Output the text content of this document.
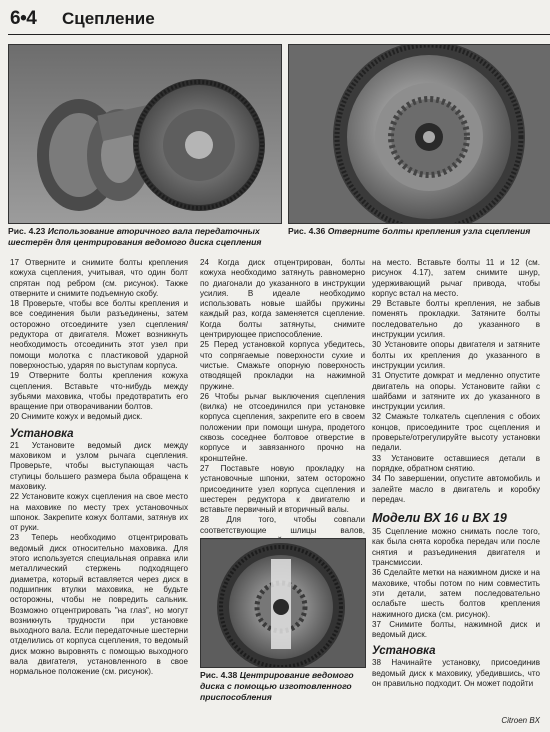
6•4 Сцепление
Рис. 4.23 Использование вторичного вала передаточных шестерён для центрирования ведомого диска сцепления
Рис. 4.36 Отверните болты крепления узла сцепления

17 Отверните и снимите болты крепления кожуха сцепления, учитывая, что один болт спрятан под ребром (см. рисунок). Также отверните и снимите подъемную скобу.

18 Проверьте, чтобы все болты крепления и все соединения были разъединены, затем осторожно отсоедините узел сцепления/редуктора от двигателя. Может возникнуть необходимость отсоединить этот узел при помощи молотка с пластиковой ударной поверхностью, ударяя по выступам корпуса.

19 Отверните болты крепления кожуха сцепления. Вставьте что-нибудь между зубьями маховика, чтобы предотвратить его вращение при отворачивании болтов.

20 Снимите кожух и ведомый диск.

Установка

21 Установите ведомый диск между маховиком и узлом рычага сцепления. Проверьте, чтобы выступающая часть ступицы большего размера была обращена к маховику.

22 Установите кожух сцепления на свое место на маховике по месту трех установочных шпонок. Закрепите кожух болтами, затянув их от руки.

23 Теперь необходимо отцентрировать ведомый диск относительно маховика. Для этого используется специальная оправка или металлический стержень подходящего диаметра, который вставляется через диск в подшипник втулки маховика, не будьте осторожны, чтобы не повредить сальник. Возможно отцентрировать "на глаз", но могут возникнуть трудности при установке выходного вала. Если передаточные шестерни отделились от корпуса сцепления, то ведомый диск можно выровнять с помощью выходного вала двигателя, установленного в свое нормальное положение (см. рисунок).

24 Когда диск отцентрирован, болты кожуха необходимо затянуть равномерно по диагонали до указанного в инструкции усилия. В идеале необходимо использовать новые шайбы пружины каждый раз, когда заменяется сцепление. Когда болты затянуты, снимите центрирующее приспособление.

25 Перед установкой корпуса убедитесь, что сопрягаемые поверхности сухие и чистые. Смажьте опорную поверхность отводящей прокладки на нажимной пружине.

26 Чтобы рычаг выключения сцепления (вилка) не отсоединился при установке корпуса сцепления, закрепите его в своем положении при помощи шнура, продетого сквозь соседнее болтовое отверстие в корпусе и завязанного прочно на кронштейне.

27 Поставьте новую прокладку на установочные шпонки, затем осторожно присоедините узел корпуса сцепления и шестерен редуктора к двигателю и вставьте первичный и вторичный валы.

28 Для того, чтобы совпали соответствующие шлицы валов,

Рис. 4.38 Центрирование ведомого диска с помощью изготовленного приспособления

на место. Вставьте болты 11 и 12 (см. рисунок 4.17), затем снимите шнур, удерживающий рычаг привода, чтобы корпус встал на место.

29 Вставьте болты крепления, не забыв поменять прокладки. Затяните болты последовательно до указанного в инструкции усилия.

30 Установите опоры двигателя и затяните болты их крепления до указанного в инструкции усилия.

31 Опустите домкрат и медленно опустите двигатель на опоры. Установите гайки с шайбами и затяните их до указанного в инструкции усилия.

32 Смажьте толкатель сцепления с обоих концов, присоедините трос сцепления и проверьте/отрегулируйте высоту установки педали.

33 Установите оставшиеся детали в порядке, обратном снятию.

34 По завершении, опустите автомобиль и залейте масло в двигатель и коробку передач.

Модели ВХ 16 и ВХ 19

35 Сцепление можно снимать после того, как была снята коробка передач или после снятия и разъединения двигателя и трансмиссии.

36 Сделайте метки на нажимном диске и на маховике, чтобы потом по ним совместить эти детали, затем последовательно ослабьте шесть болтов крепления нажимного диска (см. рисунок).

37 Снимите болты, нажимной диск и ведомый диск.

Установка

38 Начинайте установку, присоединив ведомый диск к маховику, убедившись, что он правильно подходит. Он может подойти

Citroen BX
